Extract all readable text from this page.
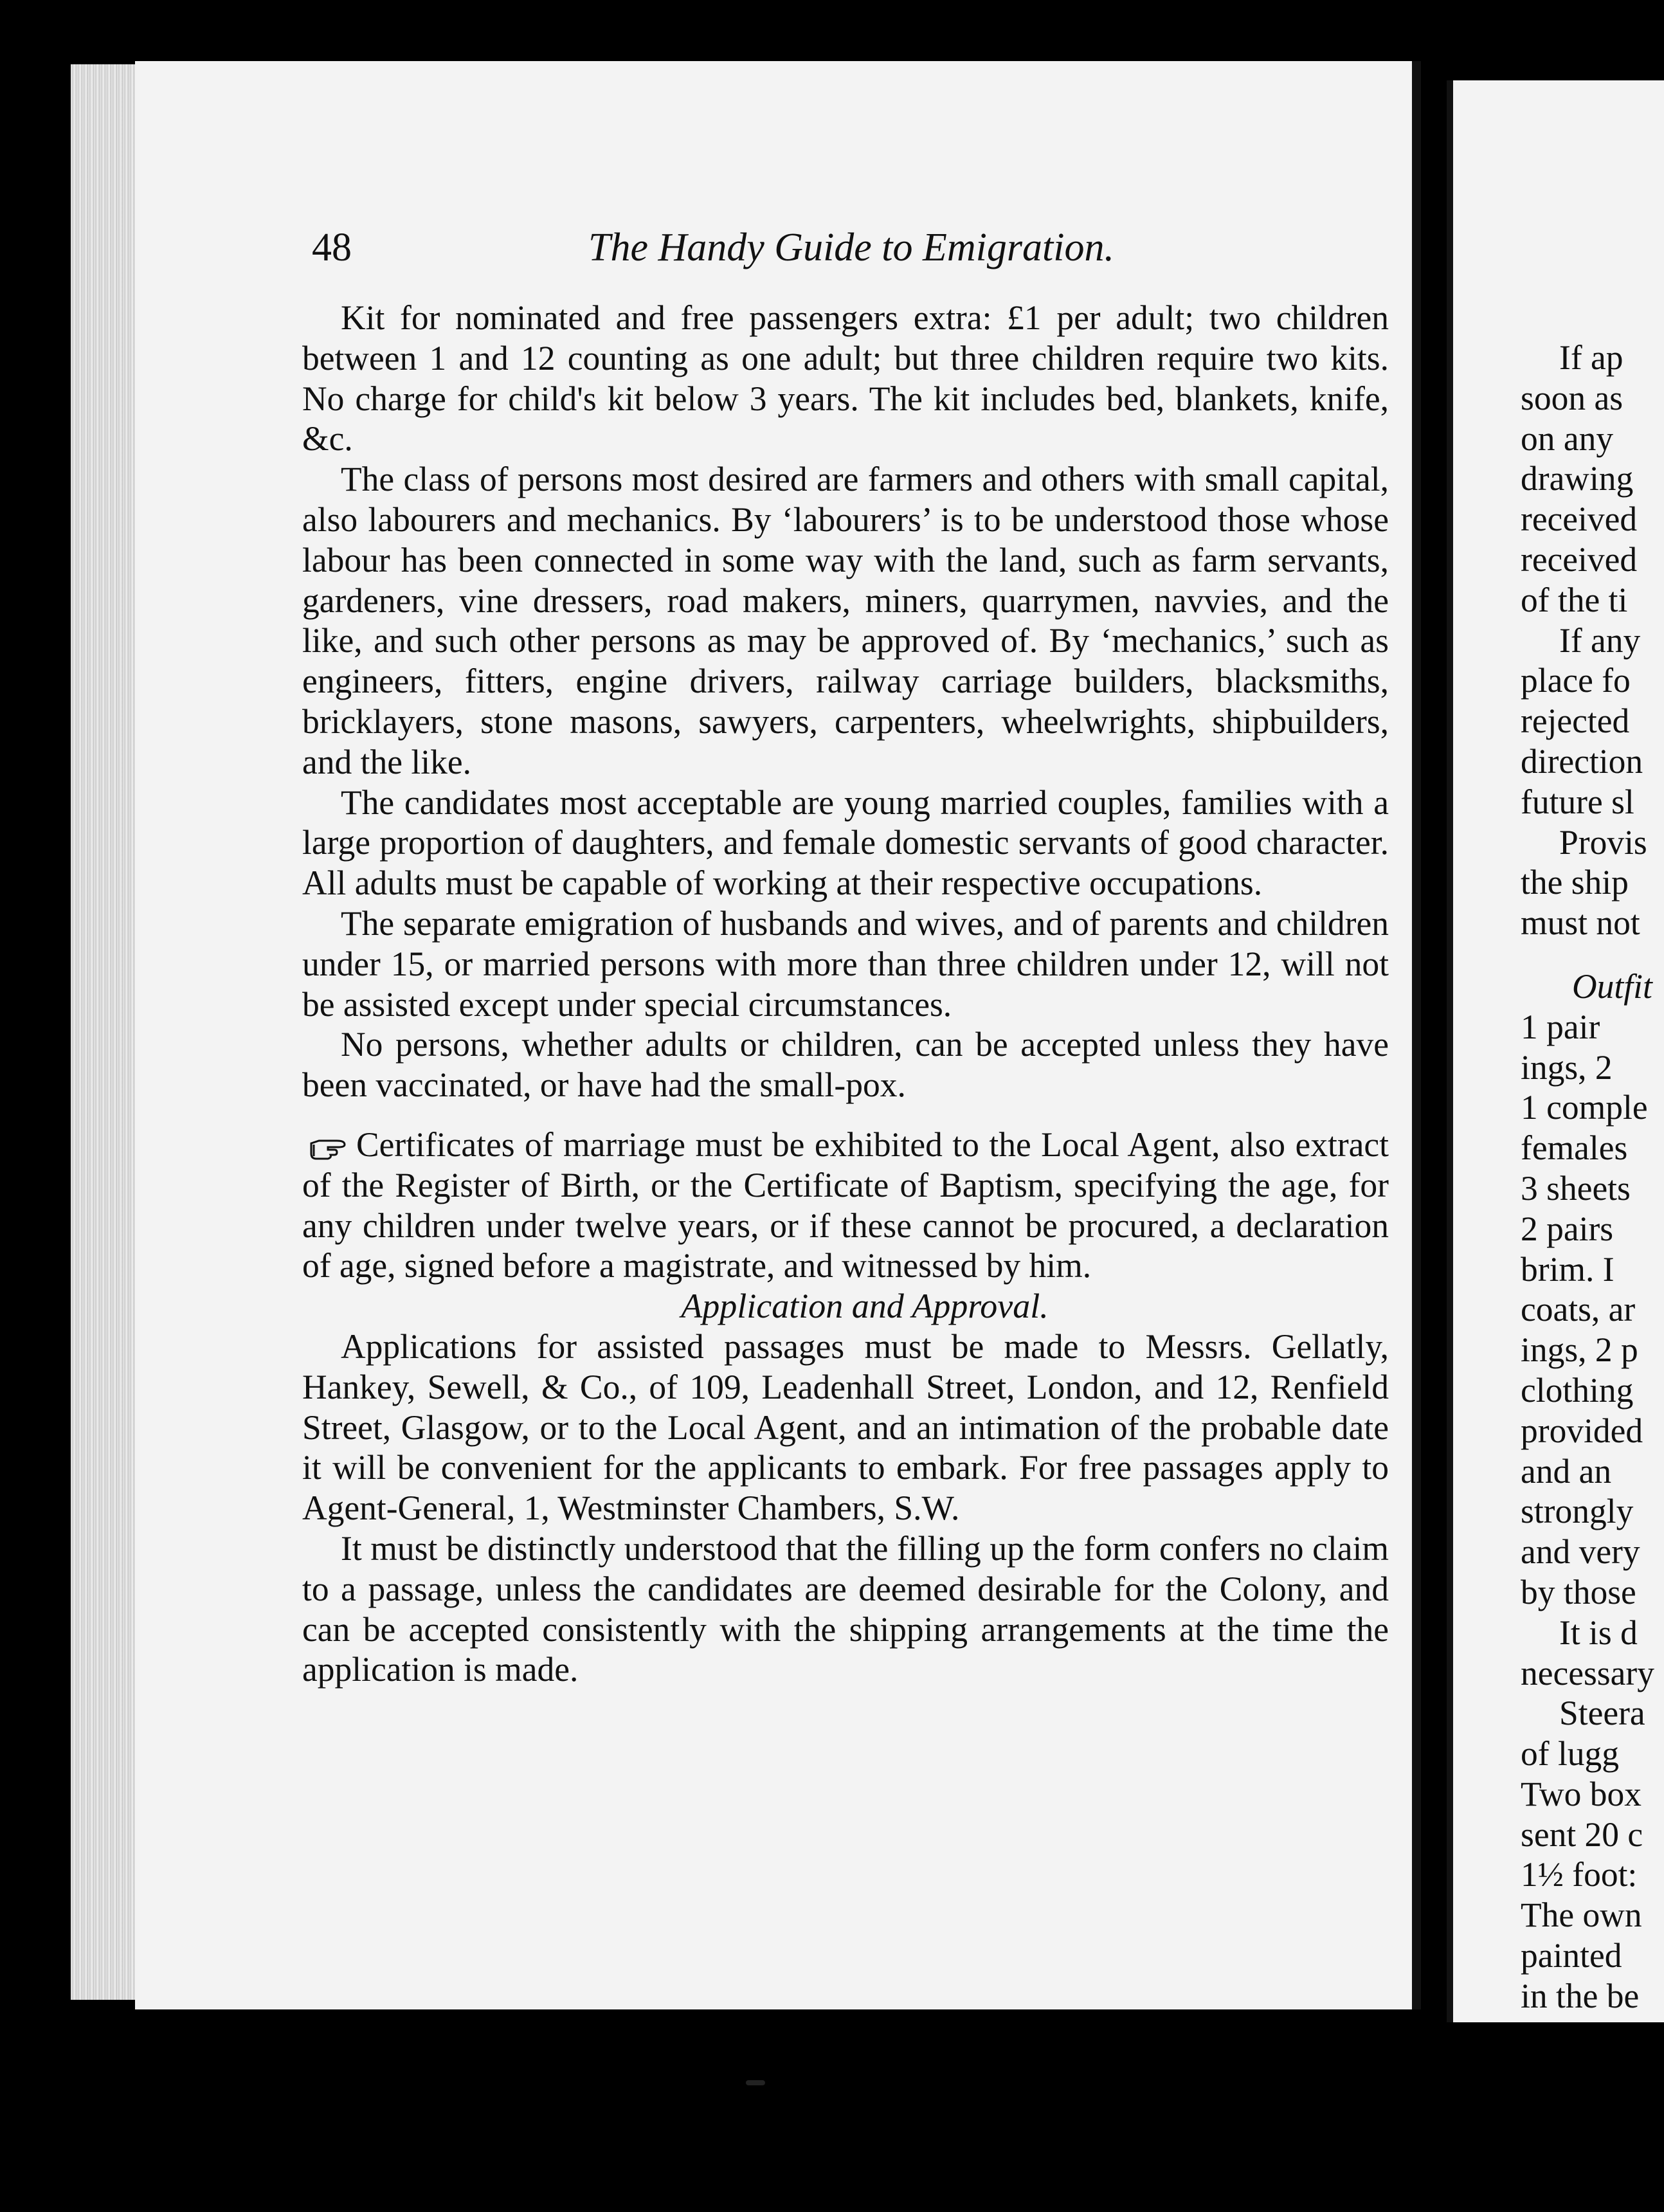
48	The Handy Guide to Emigration.

Kit for nominated and free passengers extra: £1 per adult; two children between 1 and 12 counting as one adult; but three children require two kits. No charge for child's kit below 3 years. The kit includes bed, blankets, knife, &c.

The class of persons most desired are farmers and others with small capital, also labourers and mechanics. By ‘labourers’ is to be understood those whose labour has been connected in some way with the land, such as farm servants, gardeners, vine dressers, road makers, miners, quarrymen, navvies, and the like, and such other persons as may be approved of. By ‘mechanics,’ such as engineers, fitters, engine drivers, railway carriage builders, blacksmiths, bricklayers, stone masons, sawyers, carpenters, wheelwrights, shipbuilders, and the like.

The candidates most acceptable are young married couples, families with a large proportion of daughters, and female domestic servants of good character. All adults must be capable of working at their respective occupations.

The separate emigration of husbands and wives, and of parents and children under 15, or married persons with more than three children under 12, will not be assisted except under special circumstances.

No persons, whether adults or children, can be accepted unless they have been vaccinated, or have had the small-pox.

Certificates of marriage must be exhibited to the Local Agent, also extract of the Register of Birth, or the Certificate of Baptism, specifying the age, for any children under twelve years, or if these cannot be procured, a declaration of age, signed before a magistrate, and witnessed by him.

Application and Approval.

Applications for assisted passages must be made to Messrs. Gellatly, Hankey, Sewell, & Co., of 109, Leadenhall Street, London, and 12, Renfield Street, Glasgow, or to the Local Agent, and an intimation of the probable date it will be convenient for the applicants to embark. For free passages apply to Agent-General, 1, Westminster Chambers, S.W.

It must be distinctly understood that the filling up the form confers no claim to a passage, unless the candidates are deemed desirable for the Colony, and can be accepted consistently with the shipping arrangements at the time the application is made.

If ap
soon as
on any
drawing
received
received
of the ti
If any
place fo
rejected
direction
future sl
Provis
the ship
must not
Outfit
1 pair
ings, 2
1 comple
females
3 sheets
2 pairs
brim. I
coats, ar
ings, 2 p
clothing
provided
and an
strongly
and very
by those
It is d
necessary
Steera
of lugg
Two box
sent 20 c
1½ foot:
The own
painted
in the be
